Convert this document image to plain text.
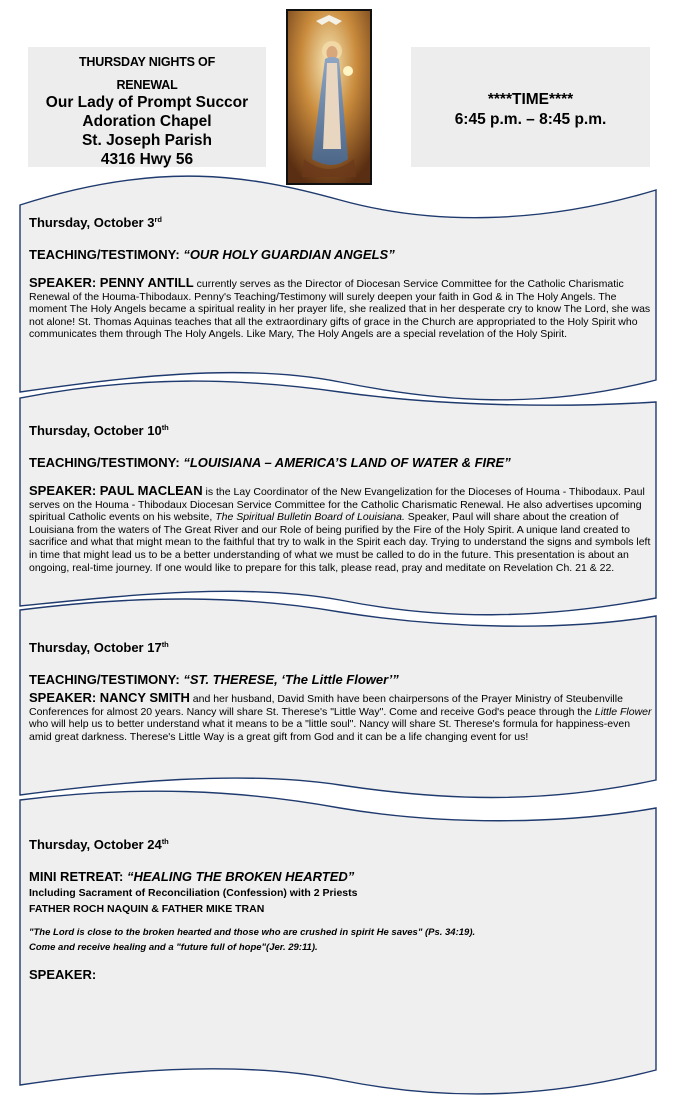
THURSDAY NIGHTS OF
RENEWAL
Our Lady of Prompt Succor
Adoration Chapel
St. Joseph Parish
4316 Hwy 56
****TIME****
6:45 p.m. – 8:45 p.m.
Thursday, October 3rd
TEACHING/TESTIMONY: “OUR HOLY GUARDIAN ANGELS”
SPEAKER: PENNY ANTILL currently serves as the Director of Diocesan Service Committee for the Catholic Charismatic Renewal of the Houma-Thibodaux. Penny's Teaching/Testimony will surely deepen your faith in God & in The Holy Angels. The moment The Holy Angels became a spiritual reality in her prayer life, she realized that in her desperate cry to know The Lord, she was not alone! St. Thomas Aquinas teaches that all the extraordinary gifts of grace in the Church are appropriated to the Holy Spirit who communicates them through The Holy Angels. Like Mary, The Holy Angels are a special revelation of the Holy Spirit.
Thursday, October 10th
TEACHING/TESTIMONY: “LOUISIANA – AMERICA’S LAND OF WATER & FIRE”
SPEAKER: PAUL MACLEAN is the Lay Coordinator of the New Evangelization for the Dioceses of Houma - Thibodaux. Paul serves on the Houma - Thibodaux Diocesan Service Committee for the Catholic Charismatic Renewal. He also advertises upcoming spiritual Catholic events on his website, The Spiritual Bulletin Board of Louisiana. Speaker, Paul will share about the creation of Louisiana from the waters of The Great River and our Role of being purified by the Fire of the Holy Spirit. A unique land created to sacrifice and what that might mean to the faithful that try to walk in the Spirit each day. Trying to understand the signs and symbols left in time that might lead us to be a better understanding of what we must be called to do in the future. This presentation is about an ongoing, real-time journey. If one would like to prepare for this talk, please read, pray and meditate on Revelation Ch. 21 & 22.
Thursday, October 17th
TEACHING/TESTIMONY: “ST. THERESE, ‘The Little Flower’”
SPEAKER: NANCY SMITH and her husband, David Smith have been chairpersons of the Prayer Ministry of Steubenville Conferences for almost 20 years. Nancy will share St. Therese's "Little Way". Come and receive God's peace through the Little Flower who will help us to better understand what it means to be a "little soul". Nancy will share St. Therese's formula for happiness-even amid great darkness. Therese's Little Way is a great gift from God and it can be a life changing event for us!
Thursday, October 24th
MINI RETREAT: “HEALING THE BROKEN HEARTED”
Including Sacrament of Reconciliation (Confession) with 2 Priests
FATHER ROCH NAQUIN & FATHER MIKE TRAN
"The Lord is close to the broken hearted and those who are crushed in spirit He saves" (Ps. 34:19).
Come and receive healing and a "future full of hope"(Jer. 29:11).
SPEAKER:
